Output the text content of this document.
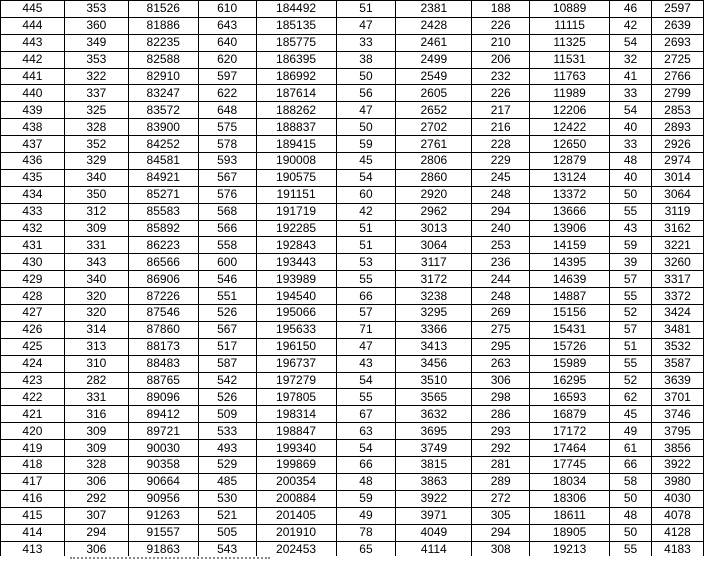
445	353	81526	610	184492	51	2381	188	10889	46	2597
444	360	81886	643	185135	47	2428	226	11115	42	2639
443	349	82235	640	185775	33	2461	210	11325	54	2693
442	353	82588	620	186395	38	2499	206	11531	32	2725
441	322	82910	597	186992	50	2549	232	11763	41	2766
440	337	83247	622	187614	56	2605	226	11989	33	2799
439	325	83572	648	188262	47	2652	217	12206	54	2853
438	328	83900	575	188837	50	2702	216	12422	40	2893
437	352	84252	578	189415	59	2761	228	12650	33	2926
436	329	84581	593	190008	45	2806	229	12879	48	2974
435	340	84921	567	190575	54	2860	245	13124	40	3014
434	350	85271	576	191151	60	2920	248	13372	50	3064
433	312	85583	568	191719	42	2962	294	13666	55	3119
432	309	85892	566	192285	51	3013	240	13906	43	3162
431	331	86223	558	192843	51	3064	253	14159	59	3221
430	343	86566	600	193443	53	3117	236	14395	39	3260
429	340	86906	546	193989	55	3172	244	14639	57	3317
428	320	87226	551	194540	66	3238	248	14887	55	3372
427	320	87546	526	195066	57	3295	269	15156	52	3424
426	314	87860	567	195633	71	3366	275	15431	57	3481
425	313	88173	517	196150	47	3413	295	15726	51	3532
424	310	88483	587	196737	43	3456	263	15989	55	3587
423	282	88765	542	197279	54	3510	306	16295	52	3639
422	331	89096	526	197805	55	3565	298	16593	62	3701
421	316	89412	509	198314	67	3632	286	16879	45	3746
420	309	89721	533	198847	63	3695	293	17172	49	3795
419	309	90030	493	199340	54	3749	292	17464	61	3856
418	328	90358	529	199869	66	3815	281	17745	66	3922
417	306	90664	485	200354	48	3863	289	18034	58	3980
416	292	90956	530	200884	59	3922	272	18306	50	4030
415	307	91263	521	201405	49	3971	305	18611	48	4078
414	294	91557	505	201910	78	4049	294	18905	50	4128
413	306	91863	543	202453	65	4114	308	19213	55	4183
